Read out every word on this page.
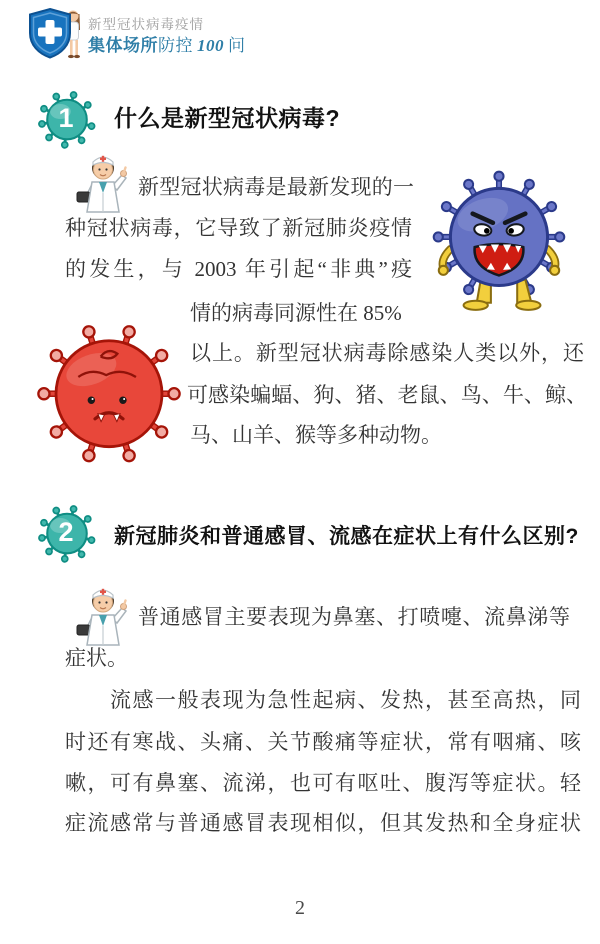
新型冠状病毒疫情
集体场所防控 100 问
1	什么是新型冠状病毒?
新型冠状病毒是最新发现的一
种冠状病毒，它导致了新冠肺炎疫情
的发生，与 2003 年引起“非典”疫
情的病毒同源性在 85%
以上。新型冠状病毒除感染人类以外，还
可感染蝙蝠、狗、猪、老鼠、鸟、牛、鲸、
马、山羊、猴等多种动物。
2	新冠肺炎和普通感冒、流感在症状上有什么区别?
普通感冒主要表现为鼻塞、打喷嚏、流鼻涕等
症状。
流感一般表现为急性起病、发热，甚至高热，同
时还有寒战、头痛、关节酸痛等症状，常有咽痛、咳
嗽，可有鼻塞、流涕，也可有呕吐、腹泻等症状。轻
症流感常与普通感冒表现相似，但其发热和全身症状
2
